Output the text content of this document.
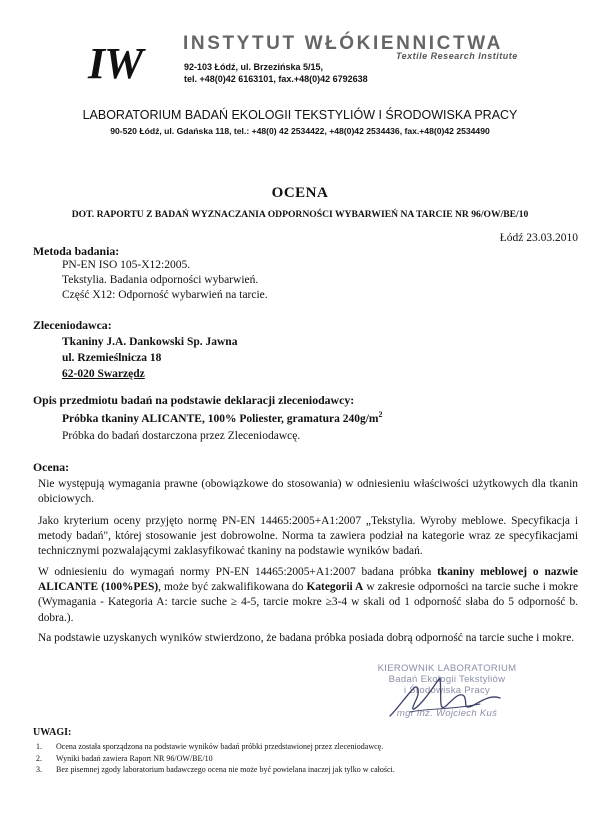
IW INSTYTUT WŁÓKIENNICTWA
Textile Research Institute
92-103 Łódź, ul. Brzezińska 5/15,
tel. +48(0)42 6163101, fax.+48(0)42 6792638
LABORATORIUM BADAŃ EKOLOGII TEKSTYLIÓW I ŚRODOWISKA PRACY
90-520 Łódź, ul. Gdańska 118, tel.: +48(0) 42 2534422, +48(0)42 2534436, fax.+48(0)42 2534490
OCENA
DOT. RAPORTU Z BADAŃ WYZNACZANIA ODPORNOŚCI WYBARWIEŃ NA TARCIE NR 96/OW/BE/10
Łódź 23.03.2010
Metoda badania:
PN-EN ISO 105-X12:2005.
Tekstylia. Badania odporności wybarwień.
Część X12: Odporność wybarwień na tarcie.
Zleceniodawca:
Tkaniny J.A. Dankowski Sp. Jawna
ul. Rzemieślnicza 18
62-020 Swarzędz
Opis przedmiotu badań na podstawie deklaracji zleceniodawcy:
Próbka tkaniny ALICANTE, 100% Poliester, gramatura $240g/m^2$
Próbka do badań dostarczona przez Zleceniodawcę.
Ocena:
Nie występują wymagania prawne (obowiązkowe do stosowania) w odniesieniu właściwości użytkowych dla tkanin obiciowych.
Jako kryterium oceny przyjęto normę PN-EN 14465:2005+A1:2007 „Tekstylia. Wyroby meblowe. Specyfikacja i metody badań", której stosowanie jest dobrowolne. Norma ta zawiera podział na kategorie wraz ze specyfikacjami technicznymi pozwalającymi zaklasyfikować tkaniny na podstawie wyników badań.
W odniesieniu do wymagań normy PN-EN 14465:2005+A1:2007 badana próbka tkaniny meblowej o nazwie ALICANTE (100%PES), może być zakwalifikowana do Kategorii A w zakresie odporności na tarcie suche i mokre (Wymagania - Kategoria A: tarcie suche ≥ 4-5, tarcie mokre ≥3-4 w skali od 1 odporność słaba do 5 odporność b. dobra.).
Na podstawie uzyskanych wyników stwierdzono, że badana próbka posiada dobrą odporność na tarcie suche i mokre.
KIEROWNIK LABORATORIUM
Badań Ekologii Tekstyliów
i Środowiska Pracy
mgr inż. Wojciech Kuś
UWAGI:
1. Ocena została sporządzona na podstawie wyników badań próbki przedstawionej przez zleceniodawcę.
2. Wyniki badań zawiera Raport NR 96/OW/BE/10
3. Bez pisemnej zgody laboratorium badawczego ocena nie może być powielana inaczej jak tylko w całości.
